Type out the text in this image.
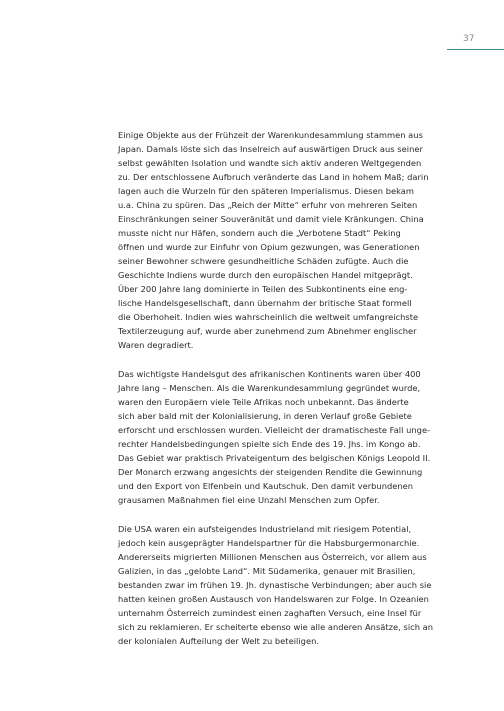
37

Einige Objekte aus der Frühzeit der Warenkundesammlung stammen aus
Japan. Damals löste sich das Inselreich auf auswärtigen Druck aus seiner
selbst gewählten Isolation und wandte sich aktiv anderen Weltgegenden
zu. Der entschlossene Aufbruch veränderte das Land in hohem Maß; darin
lagen auch die Wurzeln für den späteren Imperialismus. Diesen bekam
u.a. China zu spüren. Das „Reich der Mitte“ erfuhr von mehreren Seiten
Einschränkungen seiner Souveränität und damit viele Kränkungen. China
musste nicht nur Häfen, sondern auch die „Verbotene Stadt“ Peking
öffnen und wurde zur Einfuhr von Opium gezwungen, was Generationen
seiner Bewohner schwere gesundheitliche Schäden zufügte. Auch die
Geschichte Indiens wurde durch den europäischen Handel mitgeprägt.
Über 200 Jahre lang dominierte in Teilen des Subkontinents eine eng-
lische Handelsgesellschaft, dann übernahm der britische Staat formell
die Oberhoheit. Indien wies wahrscheinlich die weltweit umfangreichste
Textilerzeugung auf, wurde aber zunehmend zum Abnehmer englischer
Waren degradiert.

Das wichtigste Handelsgut des afrikanischen Kontinents waren über 400
Jahre lang – Menschen. Als die Warenkundesammlung gegründet wurde,
waren den Europäern viele Teile Afrikas noch unbekannt. Das änderte
sich aber bald mit der Kolonialisierung, in deren Verlauf große Gebiete
erforscht und erschlossen wurden. Vielleicht der dramatischeste Fall unge-
rechter Handelsbedingungen spielte sich Ende des 19. Jhs. im Kongo ab.
Das Gebiet war praktisch Privateigentum des belgischen Königs Leopold II.
Der Monarch erzwang angesichts der steigenden Rendite die Gewinnung
und den Export von Elfenbein und Kautschuk. Den damit verbundenen
grausamen Maßnahmen fiel eine Unzahl Menschen zum Opfer.

Die USA waren ein aufsteigendes Industrieland mit riesigem Potential,
jedoch kein ausgeprägter Handelspartner für die Habsburgermonarchie.
Andererseits migrierten Millionen Menschen aus Österreich, vor allem aus
Galizien, in das „gelobte Land“. Mit Südamerika, genauer mit Brasilien,
bestanden zwar im frühen 19. Jh. dynastische Verbindungen; aber auch sie
hatten keinen großen Austausch von Handelswaren zur Folge. In Ozeanien
unternahm Österreich zumindest einen zaghaften Versuch, eine Insel für
sich zu reklamieren. Er scheiterte ebenso wie alle anderen Ansätze, sich an
der kolonialen Aufteilung der Welt zu beteiligen.
